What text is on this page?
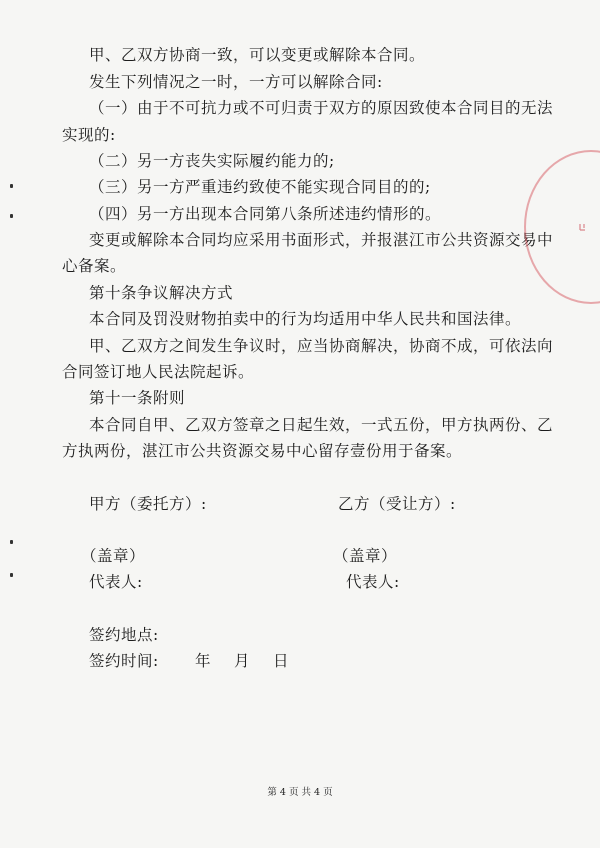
甲、乙双方协商一致，可以变更或解除本合同。
发生下列情况之一时，一方可以解除合同:
（一）由于不可抗力或不可归责于双方的原因致使本合同目的无法
实现的:
（二）另一方丧失实际履约能力的;
（三）另一方严重违约致使不能实现合同目的的;
（四）另一方出现本合同第八条所述违约情形的。
变更或解除本合同均应采用书面形式，并报湛江市公共资源交易中
心备案。
第十条争议解决方式
本合同及罚没财物拍卖中的行为均适用中华人民共和国法律。
甲、乙双方之间发生争议时，应当协商解决，协商不成，可依法向
合同签订地人民法院起诉。
第十一条附则
本合同自甲、乙双方签章之日起生效，一式五份，甲方执两份、乙
方执两份，湛江市公共资源交易中心留存壹份用于备案。
甲方（委托方）:	乙方（受让方）:
（盖章）	（盖章）
代表人:	代表人:
签约地点:
签约时间: 年 月 日
第 4 页 共 4 页
